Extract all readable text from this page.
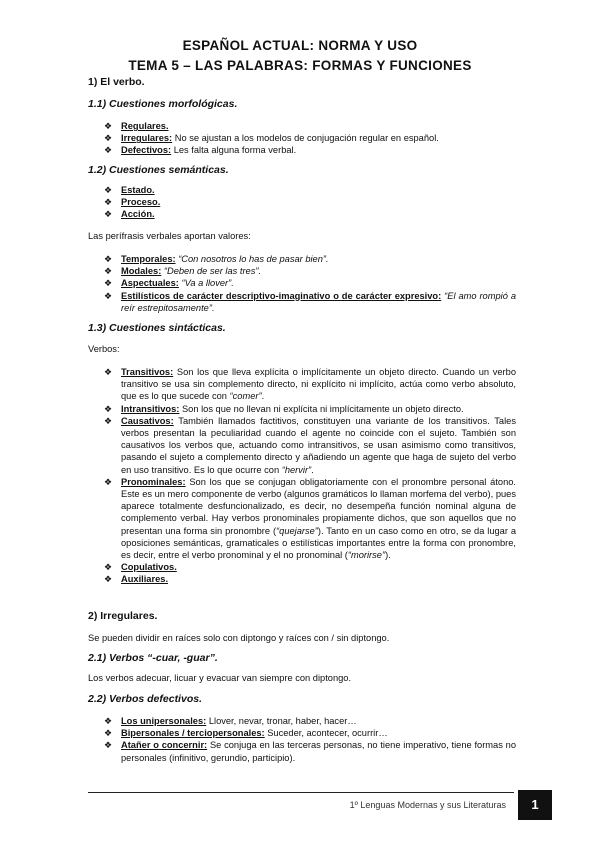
ESPAÑOL ACTUAL: NORMA Y USO
TEMA 5 – LAS PALABRAS: FORMAS Y FUNCIONES
1) El verbo.
1.1) Cuestiones morfológicas.
❖ Regulares.
❖ Irregulares: No se ajustan a los modelos de conjugación regular en español.
❖ Defectivos: Les falta alguna forma verbal.
1.2) Cuestiones semánticas.
❖ Estado.
❖ Proceso.
❖ Acción.
Las perífrasis verbales aportan valores:
❖ Temporales: “Con nosotros lo has de pasar bien”.
❖ Modales: “Deben de ser las tres”.
❖ Aspectuales: “Va a llover”.
❖ Estilísticos de carácter descriptivo-imaginativo o de carácter expresivo: “El amo rompió a reír estrepitosamente”.
1.3) Cuestiones sintácticas.
Verbos:
❖ Transitivos: Son los que lleva explícita o implícitamente un objeto directo. Cuando un verbo transitivo se usa sin complemento directo, ni explícito ni implícito, actúa como verbo absoluto, que es lo que sucede con “comer”.
❖ Intransitivos: Son los que no llevan ni explícita ni implícitamente un objeto directo.
❖ Causativos: También llamados factitivos, constituyen una variante de los transitivos. Tales verbos presentan la peculiaridad cuando el agente no coincide con el sujeto. También son causativos los verbos que, actuando como intransitivos, se usan asimismo como transitivos, pasando el sujeto a complemento directo y añadiendo un agente que haga de sujeto del verbo en uso transitivo. Es lo que ocurre con “hervir”.
❖ Pronominales: Son los que se conjugan obligatoriamente con el pronombre personal átono. Este es un mero componente de verbo (algunos gramáticos lo llaman morfema del verbo), pues aparece totalmente desfuncionalizado, es decir, no desempeña función nominal alguna de complemento verbal. Hay verbos pronominales propiamente dichos, que son aquellos que no presentan una forma sin pronombre (“quejarse”). Tanto en un caso como en otro, se da lugar a oposiciones semánticas, gramaticales o estilísticas importantes entre la forma con pronombre, es decir, entre el verbo pronominal y el no pronominal (“morirse”).
❖ Copulativos.
❖ Auxiliares.
2) Irregulares.
Se pueden dividir en raíces solo con diptongo y raíces con / sin diptongo.
2.1) Verbos “-cuar, -guar”.
Los verbos adecuar, licuar y evacuar van siempre con diptongo.
2.2) Verbos defectivos.
❖ Los unipersonales: Llover, nevar, tronar, haber, hacer…
❖ Bipersonales / terciopersonales: Suceder, acontecer, ocurrir…
❖ Atañer o concernir: Se conjuga en las terceras personas, no tiene imperativo, tiene formas no personales (infinitivo, gerundio, participio).
1º Lenguas Modernas y sus Literaturas	1
